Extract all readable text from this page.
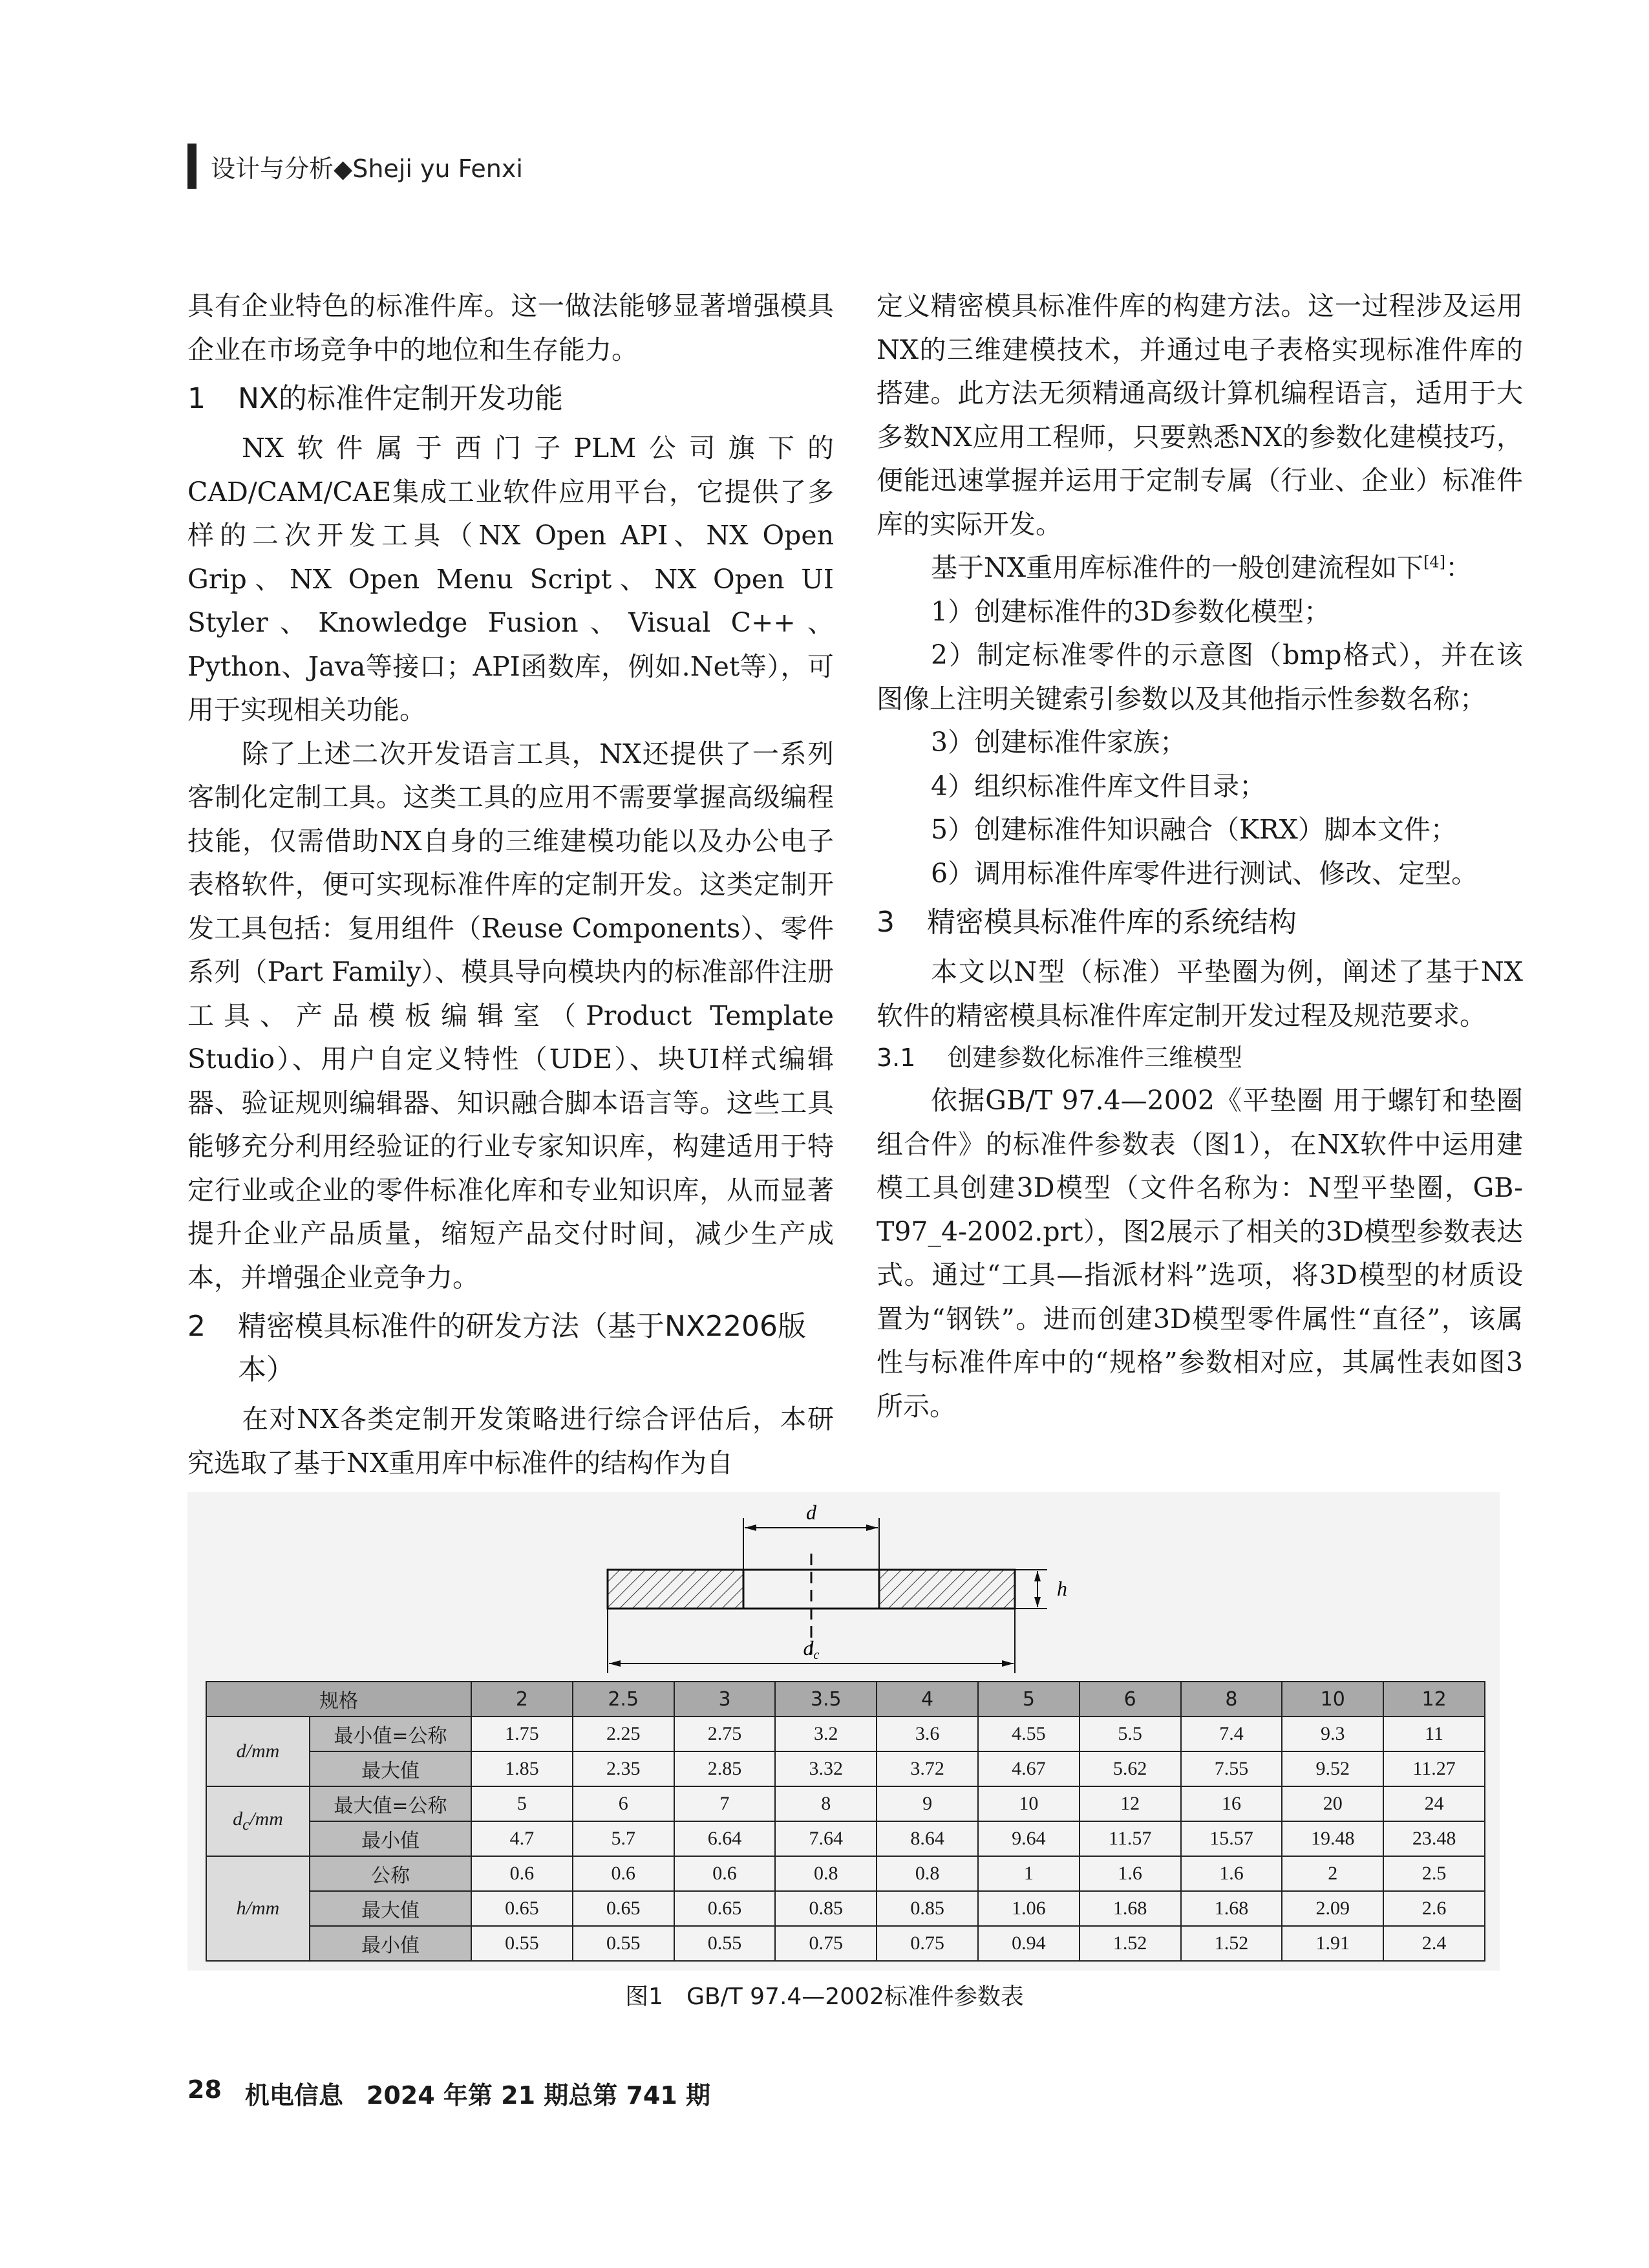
设计与分析◆Sheji yu Fenxi

具有企业特色的标准件库。这一做法能够显著增强模具企业在市场竞争中的地位和生存能力。

1	NX的标准件定制开发功能

NX软件属于西门子PLM公司旗下的CAD/CAM/CAE集成工业软件应用平台，它提供了多样的二次开发工具（NX Open API、NX Open Grip、NX Open Menu Script、NX Open UI Styler、Knowledge Fusion、Visual C++、Python、Java等接口；API函数库，例如.Net等），可用于实现相关功能。

除了上述二次开发语言工具，NX还提供了一系列客制化定制工具。这类工具的应用不需要掌握高级编程技能，仅需借助NX自身的三维建模功能以及办公电子表格软件，便可实现标准件库的定制开发。这类定制开发工具包括：复用组件（Reuse Components）、零件系列（Part Family）、模具导向模块内的标准部件注册工具、产品模板编辑室（Product Template Studio）、用户自定义特性（UDE）、块UI样式编辑器、验证规则编辑器、知识融合脚本语言等。这些工具能够充分利用经验证的行业专家知识库，构建适用于特定行业或企业的零件标准化库和专业知识库，从而显著提升企业产品质量，缩短产品交付时间，减少生产成本，并增强企业竞争力。

2	精密模具标准件的研发方法（基于NX2206版本）

在对NX各类定制开发策略进行综合评估后，本研究选取了基于NX重用库中标准件的结构作为自

定义精密模具标准件库的构建方法。这一过程涉及运用NX的三维建模技术，并通过电子表格实现标准件库的搭建。此方法无须精通高级计算机编程语言，适用于大多数NX应用工程师，只要熟悉NX的参数化建模技巧，便能迅速掌握并运用于定制专属（行业、企业）标准件库的实际开发。

基于NX重用库标准件的一般创建流程如下[4]：

1）创建标准件的3D参数化模型；

2）制定标准零件的示意图（bmp格式），并在该图像上注明关键索引参数以及其他指示性参数名称；

3）创建标准件家族；

4）组织标准件库文件目录；

5）创建标准件知识融合（KRX）脚本文件；

6）调用标准件库零件进行测试、修改、定型。

3	精密模具标准件库的系统结构

本文以N型（标准）平垫圈为例，阐述了基于NX软件的精密模具标准件库定制开发过程及规范要求。

3.1	创建参数化标准件三维模型

依据GB/T 97.4—2002《平垫圈 用于螺钉和垫圈组合件》的标准件参数表（图1），在NX软件中运用建模工具创建3D模型（文件名称为：N型平垫圈，GB-T97_4-2002.prt），图2展示了相关的3D模型参数表达式。通过“工具—指派材料”选项，将3D模型的材质设置为“钢铁”。进而创建3D模型零件属性“直径”，该属性与标准件库中的“规格”参数相对应，其属性表如图3所示。

d
h
dc
规格		2	2.5	3	3.5	4	5	6	8	10	12
d/mm	最小值=公称	1.75	2.25	2.75	3.2	3.6	4.55	5.5	7.4	9.3	11
	最大值	1.85	2.35	2.85	3.32	3.72	4.67	5.62	7.55	9.52	11.27
$d_c/mm$	最大值=公称	5	6	7	8	9	10	12	16	20	24
	最小值	4.7	5.7	6.64	7.64	8.64	9.64	11.57	15.57	19.48	23.48
h/mm	公称	0.6	0.6	0.6	0.8	0.8	1	1.6	1.6	2	2.5
	最大值	0.65	0.65	0.65	0.85	0.85	1.06	1.68	1.68	2.09	2.6
	最小值	0.55	0.55	0.55	0.75	0.75	0.94	1.52	1.52	1.91	2.4
图1　GB/T 97.4—2002标准件参数表
28 机电信息 2024 年第 21 期总第 741 期
